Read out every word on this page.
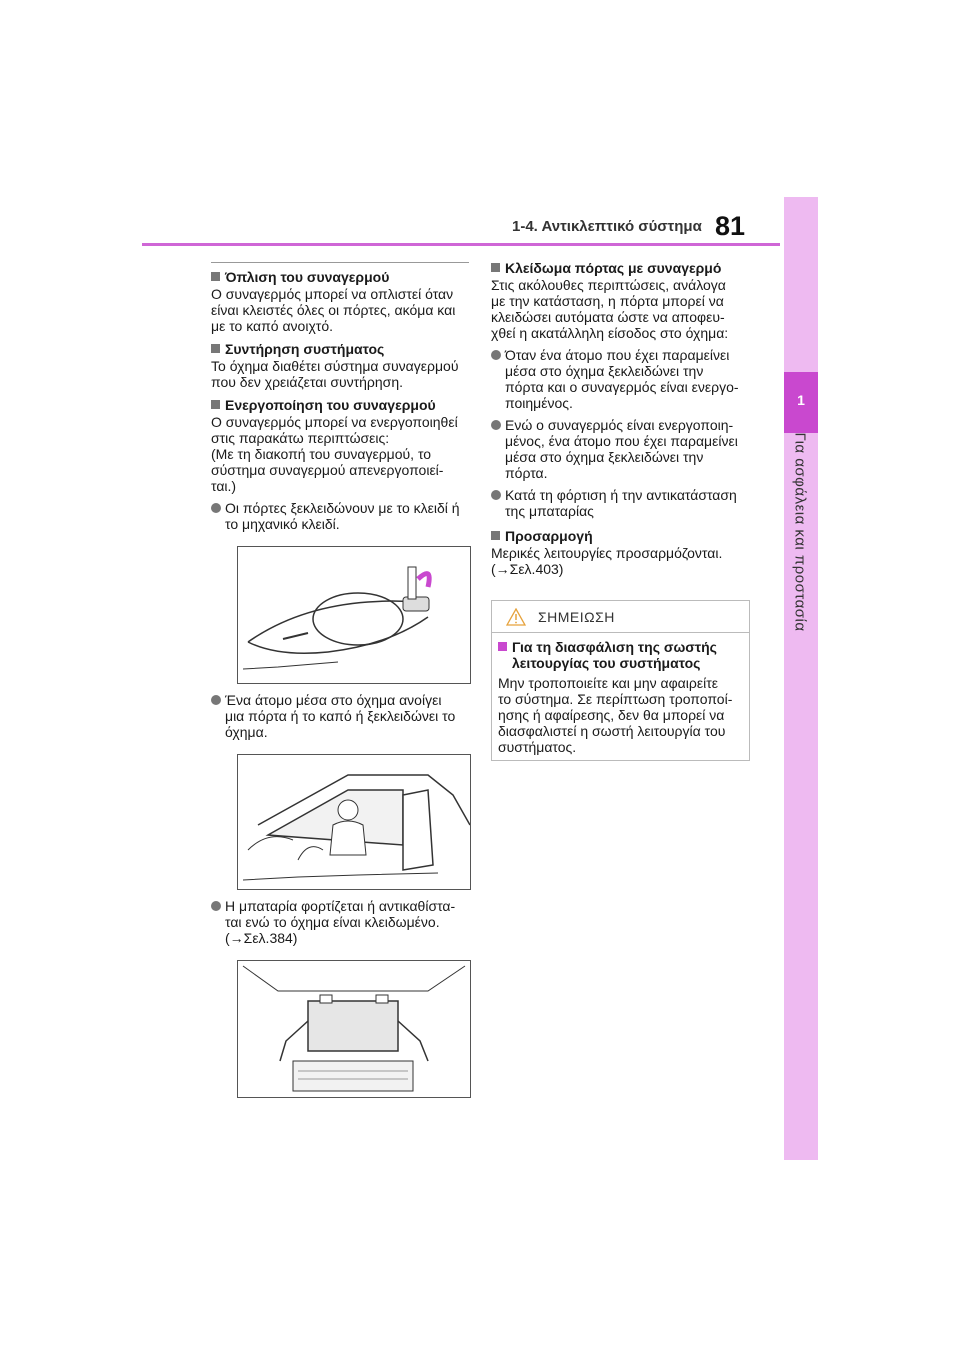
1-4. Αντικλεπτικό σύστημα 81
1
Για ασφάλεια και προστασία
Όπλιση του συναγερμού

Ο συναγερμός μπορεί να οπλιστεί όταν
είναι κλειστές όλες οι πόρτες, ακόμα και
με το καπό ανοιχτό.

Συντήρηση συστήματος

Το όχημα διαθέτει σύστημα συναγερμού
που δεν χρειάζεται συντήρηση.

Ενεργοποίηση του συναγερμού

Ο συναγερμός μπορεί να ενεργοποιηθεί
στις παρακάτω περιπτώσεις:
(Με τη διακοπή του συναγερμού, το
σύστημα συναγερμού απενεργοποιεί-
ται.)

Οι πόρτες ξεκλειδώνουν με το κλειδί ή
το μηχανικό κλειδί.
Ένα άτομο μέσα στο όχημα ανοίγει
μια πόρτα ή το καπό ή ξεκλειδώνει το
όχημα.
Η μπαταρία φορτίζεται ή αντικαθίστα-
ται ενώ το όχημα είναι κλειδωμένο.
(→Σελ.384)
Κλείδωμα πόρτας με συναγερμό

Στις ακόλουθες περιπτώσεις, ανάλογα
με την κατάσταση, η πόρτα μπορεί να
κλειδώσει αυτόματα ώστε να αποφευ-
χθεί η ακατάλληλη είσοδος στο όχημα:

Όταν ένα άτομο που έχει παραμείνει
μέσα στο όχημα ξεκλειδώνει την
πόρτα και ο συναγερμός είναι ενεργο-
ποιημένος.
Ενώ ο συναγερμός είναι ενεργοποιη-
μένος, ένα άτομο που έχει παραμείνει
μέσα στο όχημα ξεκλειδώνει την
πόρτα.
Κατά τη φόρτιση ή την αντικατάσταση
της μπαταρίας
Προσαρμογή

Μερικές λειτουργίες προσαρμόζονται.
(→Σελ.403)

ΣΗΜΕΙΩΣΗ
Για τη διασφάλιση της σωστής
λειτουργίας του συστήματος

Μην τροποποιείτε και μην αφαιρείτε
το σύστημα. Σε περίπτωση τροποποί-
ησης ή αφαίρεσης, δεν θα μπορεί να
διασφαλιστεί η σωστή λειτουργία του
συστήματος.
